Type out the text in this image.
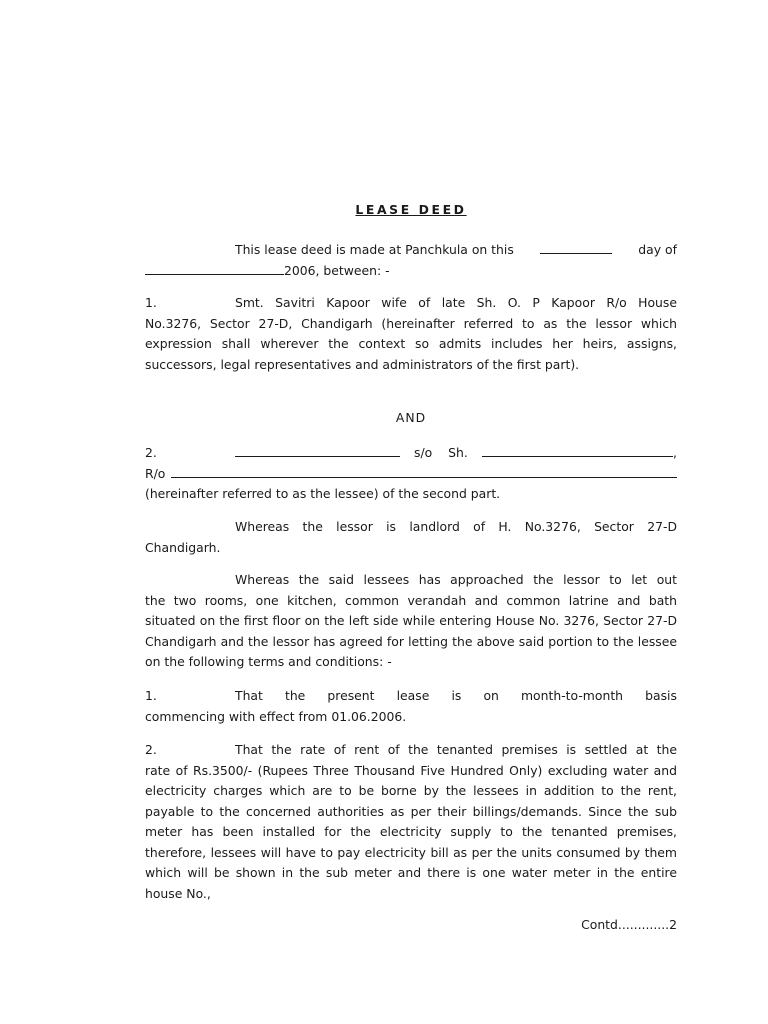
LEASE DEED
This lease deed is made at Panchkula on this	day of
2006, between: -
1.	Smt. Savitri Kapoor wife of late Sh. O. P Kapoor R/o House
No.3276, Sector 27-D, Chandigarh (hereinafter referred to as the lessor which expression shall wherever the context so admits includes her heirs, assigns, successors, legal representatives and administrators of the first part).
AND
2.	s/o Sh.	,
R/o
(hereinafter referred to as the lessee) of the second part.
Whereas the lessor is landlord of H. No.3276, Sector 27-D
Chandigarh.
Whereas the said lessees has approached the lessor to let out
the two rooms, one kitchen, common verandah and common latrine and bath situated on the first floor on the left side while entering House No. 3276, Sector 27-D Chandigarh and the lessor has agreed for letting the above said portion to the lessee on the following terms and conditions: -
1.	That the present lease is on month-to-month basis
commencing with effect from 01.06.2006.
2.	That the rate of rent of the tenanted premises is settled at the
rate of Rs.3500/- (Rupees Three Thousand Five Hundred Only) excluding water and electricity charges which are to be borne by the lessees in addition to the rent, payable to the concerned authorities as per their billings/demands. Since the sub meter has been installed for the electricity supply to the tenanted premises, therefore, lessees will have to pay electricity bill as per the units consumed by them which will be shown in the sub meter and there is one water meter in the entire house No.,
Contd.............2
